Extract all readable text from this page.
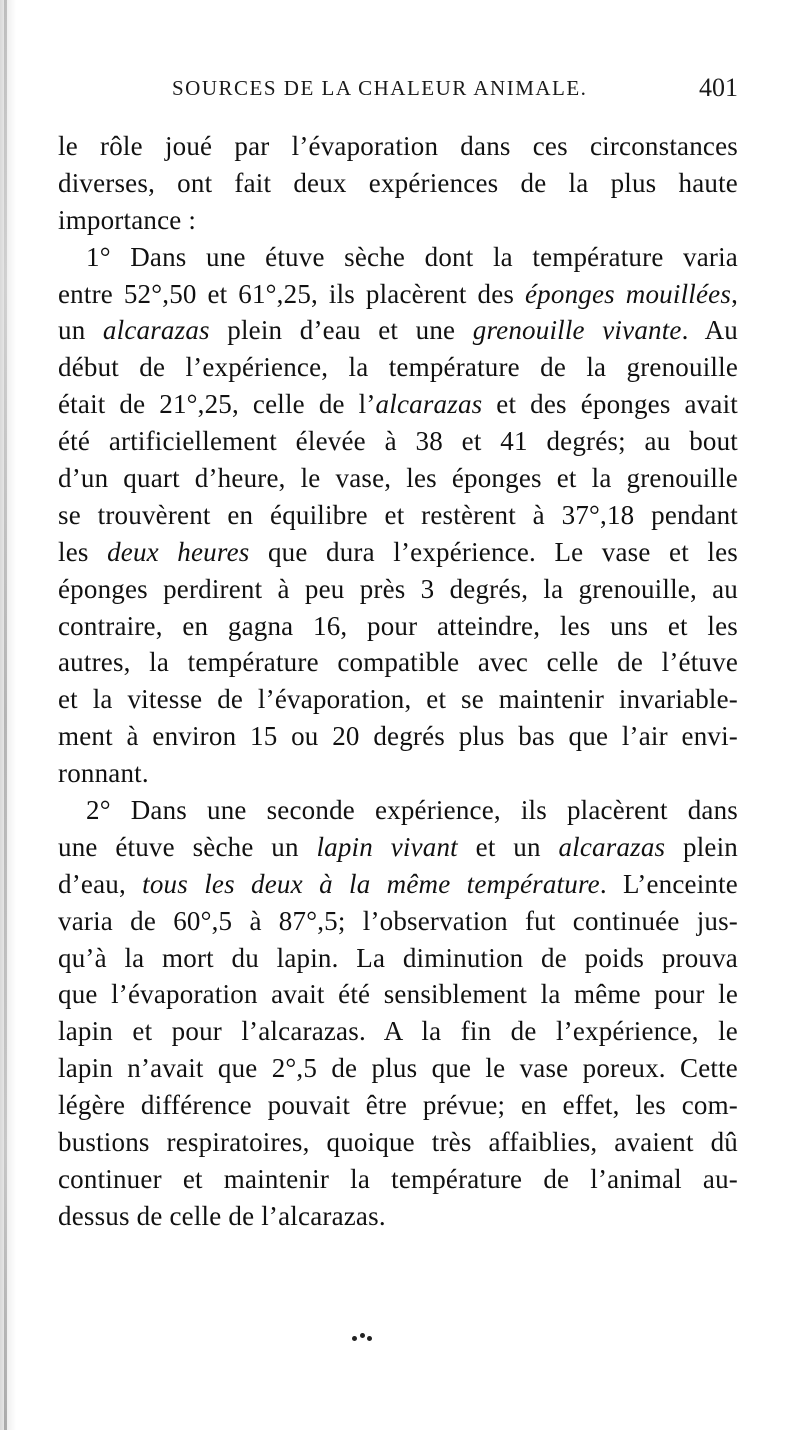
SOURCES DE LA CHALEUR ANIMALE.	401
le rôle joué par l’évaporation dans ces circonstances
diverses, ont fait deux expériences de la plus haute
importance :
1° Dans une étuve sèche dont la température varia
entre 52°,50 et 61°,25, ils placèrent des éponges mouillées,
un alcarazas plein d’eau et une grenouille vivante. Au
début de l’expérience, la température de la grenouille
était de 21°,25, celle de l’alcarazas et des éponges avait
été artificiellement élevée à 38 et 41 degrés; au bout
d’un quart d’heure, le vase, les éponges et la grenouille
se trouvèrent en équilibre et restèrent à 37°,18 pendant
les deux heures que dura l’expérience. Le vase et les
éponges perdirent à peu près 3 degrés, la grenouille, au
contraire, en gagna 16, pour atteindre, les uns et les
autres, la température compatible avec celle de l’étuve
et la vitesse de l’évaporation, et se maintenir invariable-
ment à environ 15 ou 20 degrés plus bas que l’air envi-
ronnant.
2° Dans une seconde expérience, ils placèrent dans
une étuve sèche un lapin vivant et un alcarazas plein
d’eau, tous les deux à la même température. L’enceinte
varia de 60°,5 à 87°,5; l’observation fut continuée jus-
qu’à la mort du lapin. La diminution de poids prouva
que l’évaporation avait été sensiblement la même pour le
lapin et pour l’alcarazas. A la fin de l’expérience, le
lapin n’avait que 2°,5 de plus que le vase poreux. Cette
légère différence pouvait être prévue; en effet, les com-
bustions respiratoires, quoique très affaiblies, avaient dû
continuer et maintenir la température de l’animal au-
dessus de celle de l’alcarazas.
